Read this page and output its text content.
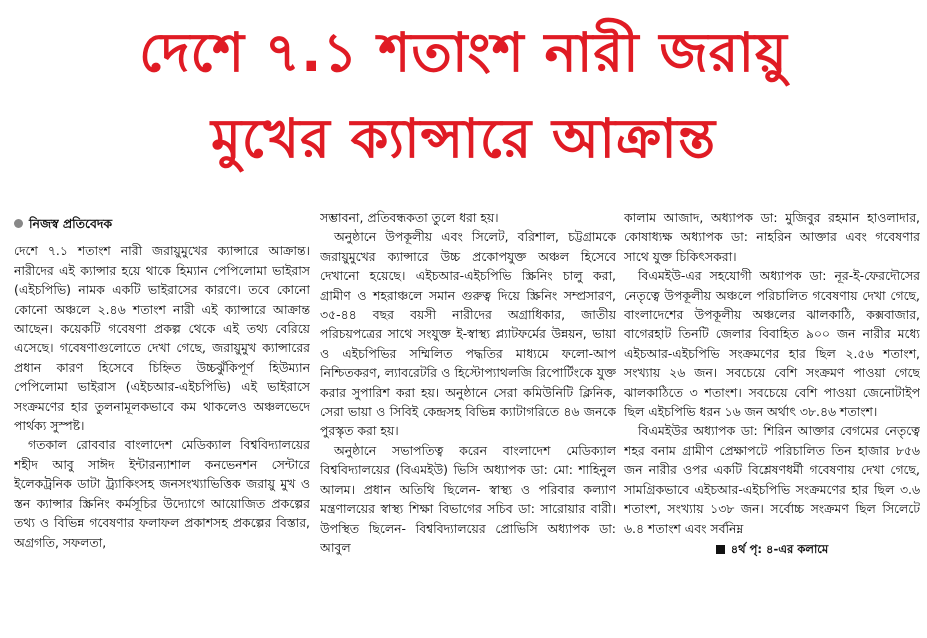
দেশে ৭.১ শতাংশ নারী জরায়ু
মুখের ক্যান্সারে আক্রান্ত
নিজস্ব প্রতিবেদক

দেশে ৭.১ শতাংশ নারী জরায়ুমুখের ক্যান্সারে আক্রান্ত। নারীদের এই ক্যান্সার হয়ে থাকে হিম্যান পেপিলোমা ভাইরাস (এইচপিভি) নামক একটি ভাইরাসের কারণে। তবে কোনো কোনো অঞ্চলে ২.৪৬ শতাংশ নারী এই ক্যান্সারে আক্রান্ত আছেন। কয়েকটি গবেষণা প্রকল্প থেকে এই তথ্য বেরিয়ে এসেছে। গবেষণাগুলোতে দেখা গেছে, জরায়ুমুখ ক্যান্সারের প্রধান কারণ হিসেবে চিহ্নিত উচ্চঝুঁকিপূর্ণ হিউম্যান পেপিলোমা ভাইরাস (এইচআর-এইচপিভি) এই ভাইরাসে সংক্রমণের হার তুলনামূলকভাবে কম থাকলেও অঞ্চলভেদে পার্থক্য সুস্পষ্ট।

গতকাল রোববার বাংলাদেশ মেডিক্যাল বিশ্ববিদ্যালয়ের শহীদ আবু সাঈদ ইন্টারন্যাশাল কনভেনশন সেন্টারে ইলেকট্রনিক ডাটা ট্র্যাকিংসহ জনসংখ্যাভিত্তিক জরায়ু মুখ ও স্তন ক্যান্সার স্ক্রিনিং কর্মসূচির উদ্যোগে আয়োজিত প্রকল্পের তথ্য ও বিভিন্ন গবেষণার ফলাফল প্রকাশসহ প্রকল্পের বিস্তার, অগ্রগতি, সফলতা,

সম্ভাবনা, প্রতিবন্ধকতা তুলে ধরা হয়।

অনুষ্ঠানে উপকূলীয় এবং সিলেট, বরিশাল, চট্টগ্রামকে জরায়ুমুখের ক্যান্সারে উচ্চ প্রকোপযুক্ত অঞ্চল হিসেবে দেখানো হয়েছে। এইচআর-এইচপিভি স্ক্রিনিং চালু করা, গ্রামীণ ও শহরাঞ্চলে সমান গুরুত্ব দিয়ে স্ক্রিনিং সম্প্রসারণ, ৩৫-৪৪ বছর বয়সী নারীদের অগ্রাধিকার, জাতীয় পরিচয়পত্রের সাথে সংযুক্ত ই-স্বাস্থ্য প্ল্যাটফর্মের উন্নয়ন, ভায়া ও এইচপিভির সম্মিলিত পদ্ধতির মাধ্যমে ফলো-আপ নিশ্চিতকরণ, ল্যাবরেটরি ও হিস্টোপ্যাথলজি রিপোর্টিংকে যুক্ত করার সুপারিশ করা হয়। অনুষ্ঠানে সেরা কমিউনিটি ক্লিনিক, সেরা ভায়া ও সিবিই কেন্দ্রসহ বিভিন্ন ক্যাটাগরিতে ৪৬ জনকে পুরস্কৃত করা হয়।

অনুষ্ঠানে সভাপতিত্ব করেন বাংলাদেশ মেডিক্যাল বিশ্ববিদ্যালয়ের (বিএমইউ) ভিসি অধ্যাপক ডা: মো: শাহিনুল আলম। প্রধান অতিথি ছিলেন- স্বাস্থ্য ও পরিবার কল্যাণ মন্ত্রণালয়ের স্বাস্থ্য শিক্ষা বিভাগের সচিব ডা: সারোয়ার বারী। উপস্থিত ছিলেন- বিশ্ববিদ্যালয়ের প্রোভিসি অধ্যাপক ডা: আবুল

কালাম আজাদ, অধ্যাপক ডা: মুজিবুর রহমান হাওলাদার, কোষাধ্যক্ষ অধ্যাপক ডা: নাহরিন আক্তার এবং গবেষণার সাথে যুক্ত চিকিৎসকরা।

বিএমইউ-এর সহযোগী অধ্যাপক ডা: নূর-ই-ফেরদৌসের নেতৃত্বে উপকূলীয় অঞ্চলে পরিচালিত গবেষণায় দেখা গেছে, বাংলাদেশের উপকূলীয় অঞ্চলের ঝালকাঠি, কক্সবাজার, বাগেরহাট তিনটি জেলার বিবাহিত ৯০০ জন নারীর মধ্যে এইচআর-এইচপিভি সংক্রমণের হার ছিল ২.৫৬ শতাংশ, সংখ্যায় ২৬ জন। সবচেয়ে বেশি সংক্রমণ পাওয়া গেছে ঝালকাঠিতে ৩ শতাংশ। সবচেয়ে বেশি পাওয়া জেনোটাইপ ছিল এইচপিভি ধরন ১৬ জন অর্থাৎ ৩৮.৪৬ শতাংশ।

বিএমইউর অধ্যাপক ডা: শিরিন আক্তার বেগমের নেতৃত্বে শহর বনাম গ্রামীণ প্রেক্ষাপটে পরিচালিত তিন হাজার ৮৫৬ জন নারীর ওপর একটি বিশ্লেষণধর্মী গবেষণায় দেখা গেছে, সামগ্রিকভাবে এইচআর-এইচপিভি সংক্রমণের হার ছিল ৩.৬ শতাংশ, সংখ্যায় ১৩৮ জন। সর্বোচ্চ সংক্রমণ ছিল সিলেটে ৬.৪ শতাংশ এবং সর্বনিম্ন

৪র্থ পৃ: ৪-এর কলামে
